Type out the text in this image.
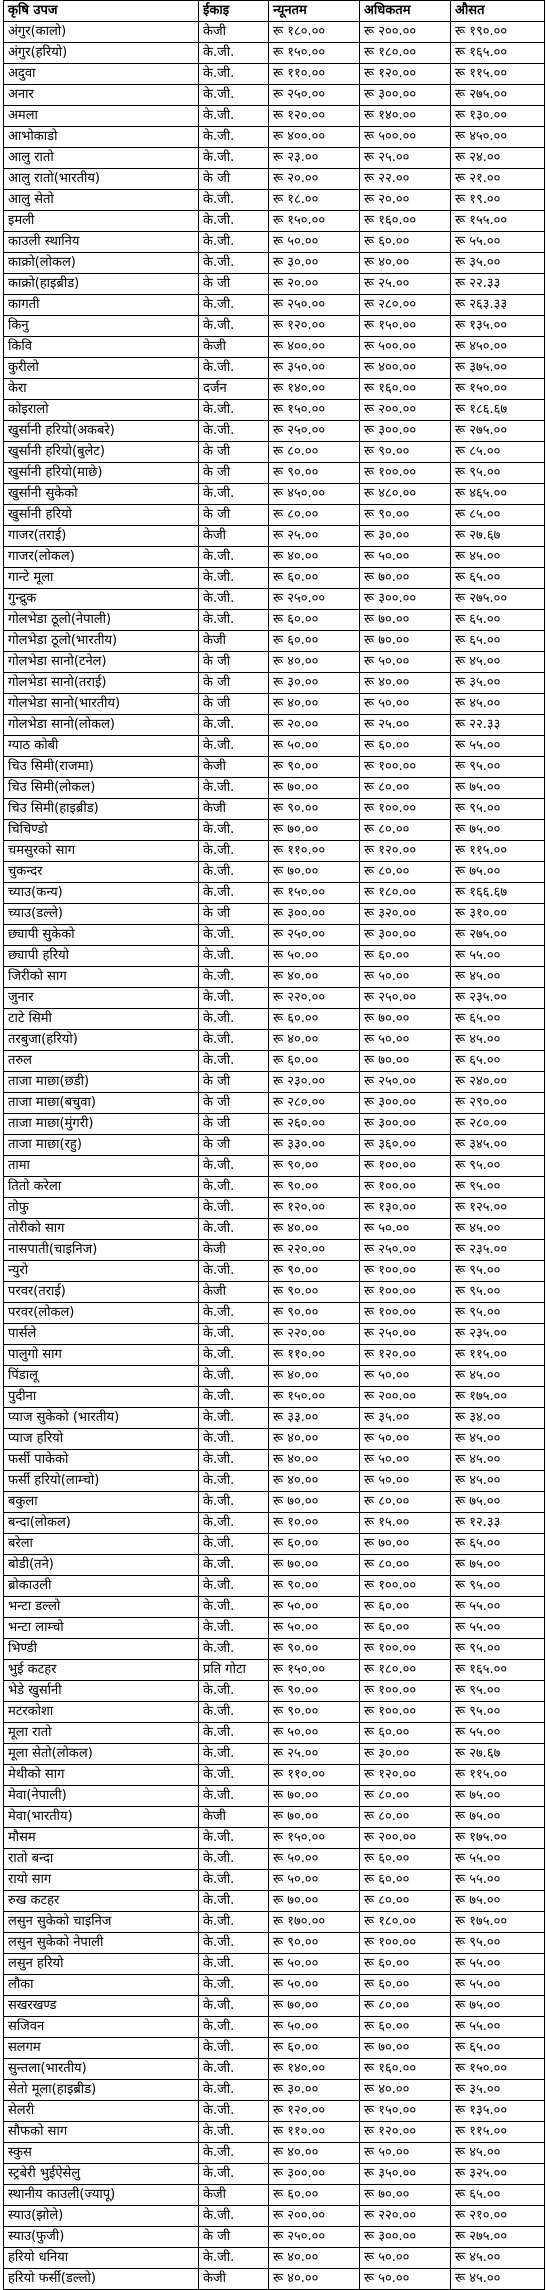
कृषि उपज	ईकाइ	न्यूनतम	अधिकतम	औसत
अंगुर(कालो)	केजी	रू १८०.००	रू २००.००	रू १९०.००
अंगुर(हरियो)	के.जी.	रू १५०.००	रू १८०.००	रू १६५.००
अदुवा	के.जी.	रू ११०.००	रू १२०.००	रू ११५.००
अनार	के.जी.	रू २५०.००	रू ३००.००	रू २७५.००
अमला	के.जी.	रू १२०.००	रू १४०.००	रू १३०.००
आभोकाडो	के.जी.	रू ४००.००	रू ५००.००	रू ४५०.००
आलु रातो	के.जी.	रू २३.००	रू २५.००	रू २४.००
आलु रातो(भारतीय)	के जी	रू २०.००	रू २२.००	रू २१.००
आलु सेतो	के.जी.	रू १८.००	रू २०.००	रू १९.००
इमली	के.जी.	रू १५०.००	रू १६०.००	रू १५५.००
काउली स्थानिय	के.जी.	रू ५०.००	रू ६०.००	रू ५५.००
काक्रो(लोकल)	के.जी.	रू ३०.००	रू ४०.००	रू ३५.००
काक्रो(हाइब्रीड)	के जी	रू २०.००	रू २५.००	रू २२.३३
कागती	के.जी.	रू २५०.००	रू २८०.००	रू २६३.३३
किनु	के.जी.	रू १२०.००	रू १५०.००	रू १३५.००
किवि	केजी	रू ४००.००	रू ५००.००	रू ४५०.००
कुरीलो	के.जी.	रू ३५०.००	रू ४००.००	रू ३७५.००
केरा	दर्जन	रू १४०.००	रू १६०.००	रू १५०.००
कोइरालो	के.जी.	रू १५०.००	रू २००.००	रू १८६.६७
खुर्सानी हरियो(अकबरे)	के.जी.	रू २५०.००	रू ३००.००	रू २७५.००
खुर्सानी हरियो(बुलेट)	के जी	रू ८०.००	रू ९०.००	रू ८५.००
खुर्सानी हरियो(माछे)	के जी	रू ९०.००	रू १००.००	रू ९५.००
खुर्सानी सुकेको	के.जी.	रू ४५०.००	रू ४८०.००	रू ४६५.००
खुर्सानी हरियो	के जी	रू ८०.००	रू ९०.००	रू ८५.००
गाजर(तराई)	केजी	रू २५.००	रू ३०.००	रू २७.६७
गाजर(लोकल)	के.जी.	रू ४०.००	रू ५०.००	रू ४५.००
गान्टे मूला	के.जी.	रू ६०.००	रू ७०.००	रू ६५.००
गुन्द्रुक	के.जी.	रू २५०.००	रू ३००.००	रू २७५.००
गोलभेडा ठूलो(नेपाली)	के.जी.	रू ६०.००	रू ७०.००	रू ६५.००
गोलभेडा ठूलो(भारतीय)	केजी	रू ६०.००	रू ७०.००	रू ६५.००
गोलभेडा सानो(टनेल)	के जी	रू ४०.००	रू ५०.००	रू ४५.००
गोलभेडा सानो(तराई)	के जी	रू ३०.००	रू ४०.००	रू ३५.००
गोलभेडा सानो(भारतीय)	के जी	रू ४०.००	रू ५०.००	रू ४५.००
गोलभेडा सानो(लोकल)	के.जी.	रू २०.००	रू २५.००	रू २२.३३
ग्याठ कोबी	के.जी.	रू ५०.००	रू ६०.००	रू ५५.००
चिउ सिमी(राजमा)	केजी	रू ९०.००	रू १००.००	रू ९५.००
चिउ सिमी(लोकल)	के.जी.	रू ७०.००	रू ८०.००	रू ७५.००
चिउ सिमी(हाइब्रीड)	केजी	रू ९०.००	रू १००.००	रू ९५.००
चिचिण्डो	के.जी.	रू ७०.००	रू ८०.००	रू ७५.००
चमसुरको साग	के.जी.	रू ११०.००	रू १२०.००	रू ११५.००
चुकन्दर	के.जी.	रू ७०.००	रू ८०.००	रू ७५.००
च्याउ(कन्य)	के.जी.	रू १५०.००	रू १८०.००	रू १६६.६७
च्याउ(डल्ले)	के जी	रू ३००.००	रू ३२०.००	रू ३१०.००
छ्यापी सुकेको	के.जी.	रू २५०.००	रू ३००.००	रू २७५.००
छ्यापी हरियो	के.जी.	रू ५०.००	रू ६०.००	रू ५५.००
जिरीको साग	के.जी.	रू ४०.००	रू ५०.००	रू ४५.००
जुनार	के.जी.	रू २२०.००	रू २५०.००	रू २३५.००
टाटे सिमी	के.जी.	रू ६०.००	रू ७०.००	रू ६५.००
तरबुजा(हरियो)	के.जी.	रू ४०.००	रू ५०.००	रू ४५.००
तरुल	के.जी.	रू ६०.००	रू ७०.००	रू ६५.००
ताजा माछा(छडी)	के जी	रू २३०.००	रू २५०.००	रू २४०.००
ताजा माछा(बचुवा)	के जी	रू २८०.००	रू ३००.००	रू २९०.००
ताजा माछा(मुंगरी)	के जी	रू २६०.००	रू ३००.००	रू २८०.००
ताजा माछा(रहु)	के जी	रू ३३०.००	रू ३६०.००	रू ३४५.००
तामा	के.जी.	रू ९०.००	रू १००.००	रू ९५.००
तितो करेला	के.जी.	रू ९०.००	रू १००.००	रू ९५.००
तोफु	के.जी.	रू १२०.००	रू १३०.००	रू १२५.००
तोरीको साग	के.जी.	रू ४०.००	रू ५०.००	रू ४५.००
नासपाती(चाइनिज)	केजी	रू २२०.००	रू २५०.००	रू २३५.००
न्युरो	के.जी.	रू ९०.००	रू १००.००	रू ९५.००
परवर(तराई)	केजी	रू ९०.००	रू १००.००	रू ९५.००
परवर(लोकल)	के.जी.	रू ९०.००	रू १००.००	रू ९५.००
पार्सले	के.जी.	रू २२०.००	रू २५०.००	रू २३५.००
पालुगो साग	के.जी.	रू ११०.००	रू १२०.००	रू ११५.००
पिंडालू	के.जी.	रू ४०.००	रू ५०.००	रू ४५.००
पुदीना	के.जी.	रू १५०.००	रू २००.००	रू १७५.००
प्याज सुकेको (भारतीय)	के.जी.	रू ३३.००	रू ३५.००	रू ३४.००
प्याज हरियो	के.जी.	रू ४०.००	रू ५०.००	रू ४५.००
फर्सी पाकेको	के.जी.	रू ४०.००	रू ५०.००	रू ४५.००
फर्सी हरियो(लाम्चो)	के.जी.	रू ४०.००	रू ५०.००	रू ४५.००
बकुला	के.जी.	रू ७०.००	रू ८०.००	रू ७५.००
बन्दा(लोकल)	के.जी.	रू १०.००	रू १५.००	रू १२.३३
बरेला	के.जी.	रू ६०.००	रू ७०.००	रू ६५.००
बोडी(तने)	के.जी.	रू ७०.००	रू ८०.००	रू ७५.००
ब्रोकाउली	के.जी.	रू ९०.००	रू १००.००	रू ९५.००
भन्टा डल्लो	के.जी.	रू ५०.००	रू ६०.००	रू ५५.००
भन्टा लाम्चो	के.जी.	रू ५०.००	रू ६०.००	रू ५५.००
भिण्डी	के.जी.	रू ९०.००	रू १००.००	रू ९५.००
भुई कटहर	प्रति गोटा	रू १५०.००	रू १८०.००	रू १६५.००
भेडे खुर्सानी	के.जी.	रू ९०.००	रू १००.००	रू ९५.००
मटरकोशा	के.जी.	रू ९०.००	रू १००.००	रू ९५.००
मूला रातो	के.जी.	रू ५०.००	रू ६०.००	रू ५५.००
मूला सेतो(लोकल)	के.जी.	रू २५.००	रू ३०.००	रू २७.६७
मेथीको साग	के.जी.	रू ११०.००	रू १२०.००	रू ११५.००
मेवा(नेपाली)	के.जी.	रू ७०.००	रू ८०.००	रू ७५.००
मेवा(भारतीय)	केजी	रू ७०.००	रू ८०.००	रू ७५.००
मौसम	के.जी.	रू १५०.००	रू २००.००	रू १७५.००
रातो बन्दा	के.जी.	रू ५०.००	रू ६०.००	रू ५५.००
रायो साग	के.जी.	रू ५०.००	रू ६०.००	रू ५५.००
रुख कटहर	के.जी.	रू ७०.००	रू ८०.००	रू ७५.००
लसुन सुकेको चाइनिज	के.जी.	रू १७०.००	रू १८०.००	रू १७५.००
लसुन सुकेको नेपाली	के.जी.	रू ९०.००	रू १००.००	रू ९५.००
लसुन हरियो	के.जी.	रू ५०.००	रू ६०.००	रू ५५.००
लौका	के.जी.	रू ५०.००	रू ६०.००	रू ५५.००
सखरखण्ड	के.जी.	रू ७०.००	रू ८०.००	रू ७५.००
सजिवन	के.जी.	रू ५०.००	रू ६०.००	रू ५५.००
सलगम	के.जी.	रू ६०.००	रू ७०.००	रू ६५.००
सुन्तला(भारतीय)	के.जी.	रू १४०.००	रू १६०.००	रू १५०.००
सेतो मूला(हाइब्रीड)	के.जी.	रू ३०.००	रू ४०.००	रू ३५.००
सेलरी	के.जी.	रू १२०.००	रू १५०.००	रू १३५.००
सौफको साग	के.जी.	रू ११०.००	रू १२०.००	रू ११५.००
स्कुस	के.जी.	रू ४०.००	रू ५०.००	रू ४५.००
स्ट्रबेरी भुईऐसेलु	के.जी.	रू ३००.००	रू ३५०.००	रू ३२५.००
स्थानीय काउली(ज्यापू)	केजी	रू ६०.००	रू ७०.००	रू ६५.००
स्याउ(झोले)	के.जी.	रू २००.००	रू २२०.००	रू २१०.००
स्याउ(फुजी)	के जी	रू २५०.००	रू ३००.००	रू २७५.००
हरियो धनिया	के.जी.	रू ४०.००	रू ५०.००	रू ४५.००
हरियो फर्सी(डल्लो)	केजी	रू ४०.००	रू ५०.००	रू ४५.००
